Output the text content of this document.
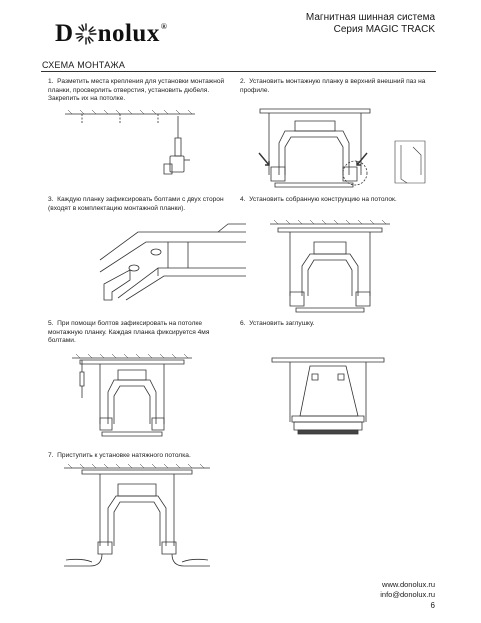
D nolux ®
Магнитная шинная система
Серия MAGIC TRACK
СХЕМА МОНТАЖА
1. Разметить места крепления для установки монтажной планки, просверлить отверстия, установить дюбеля. Закрепить их на потолке.
2. Установить монтажную планку в верхний внешний паз на профиле.
3. Каждую планку зафиксировать болтами с двух сторон (входят в комплектацию монтажной планки).
4. Установить собранную конструкцию на потолок.
5. При помощи болтов зафиксировать на потолке монтажную планку. Каждая планка фиксируется 4мя болтами.
6. Установить заглушку.
7. Приступить к установке натяжного потолка.
www.donolux.ru
info@donolux.ru
6
